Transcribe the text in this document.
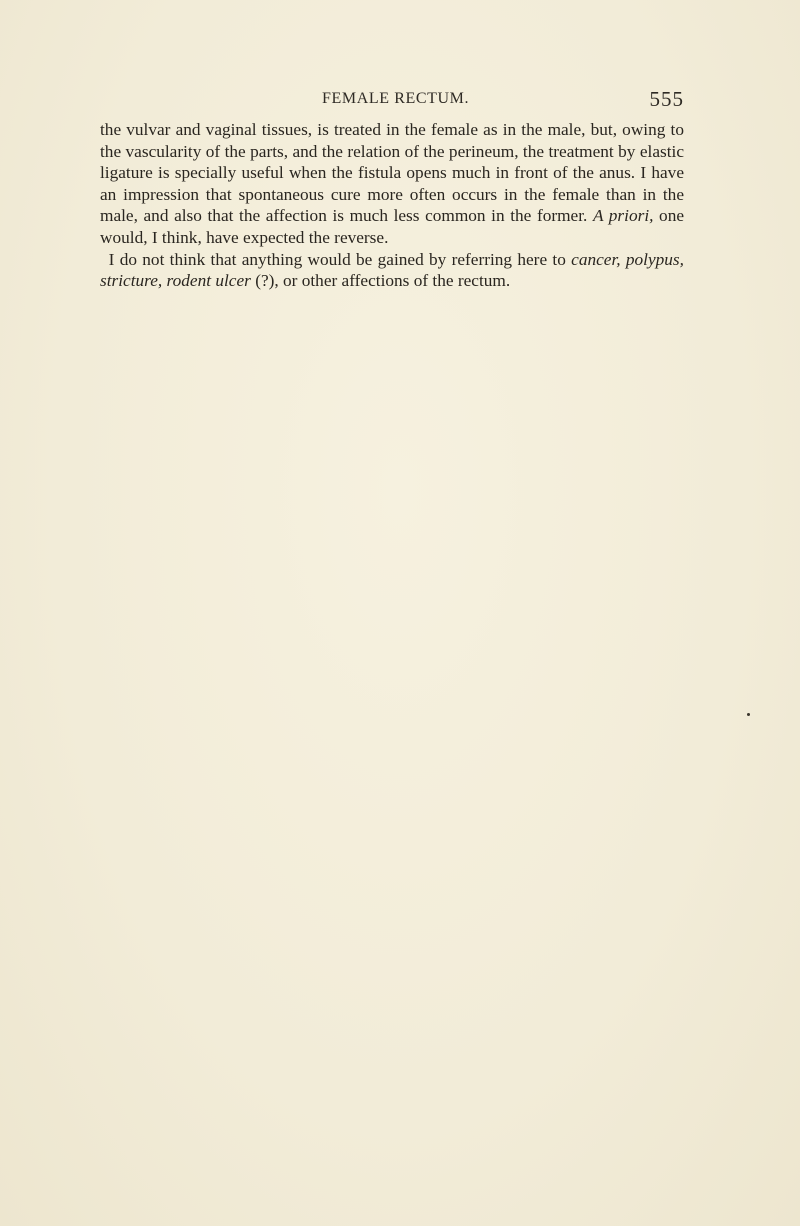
FEMALE RECTUM.	555

the vulvar and vaginal tissues, is treated in the female as in the male, but, owing to the vascularity of the parts, and the relation of the perineum, the treatment by elastic ligature is specially useful when the fistula opens much in front of the anus. I have an impression that spontaneous cure more often occurs in the female than in the male, and also that the affection is much less common in the former. A priori, one would, I think, have expected the reverse.

  I do not think that anything would be gained by referring here to cancer, polypus, stricture, rodent ulcer (?), or other affections of the rectum.
